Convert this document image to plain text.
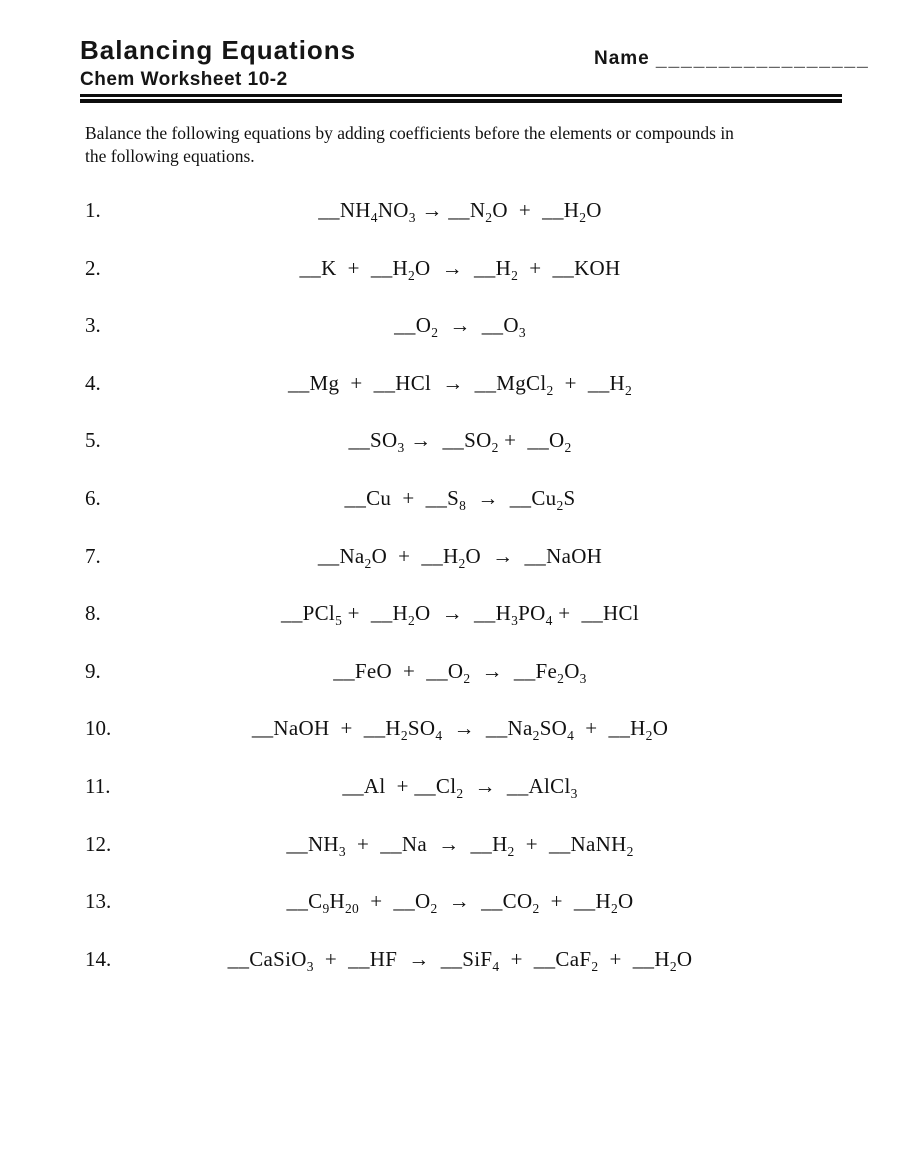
Balancing Equations
Chem Worksheet 10-2
Name _________________
Balance the following equations by adding coefficients before the elements or compounds in the following equations.
1.	$\_\_NH_4NO_3$ → $\_\_N_2O$  +  $\_\_H_2O$
2.	__K  +  $\_\_H_2O$  →  $\_\_H_2$  +  __KOH
3.	$\_\_O_2$  →  $\_\_O_3$
4.	__Mg  +  __HCl  →  __MgCl$_2$  +  $\_\_H_2$
5.	$\_\_SO_3$ →  $\_\_SO_2$ +  $\_\_O_2$
6.	__Cu  +  $\_\_S_8$  →  $\_\_Cu_2S$
7.	$\_\_Na_2O$  +  $\_\_H_2O$  →  __NaOH
8.	__PCl$_5$ +  $\_\_H_2O$  →  $\_\_H_3PO_4$ +  __HCl
9.	__FeO  +  $\_\_O_2$  →  $\_\_Fe_2O_3$
10.	__NaOH  +  $\_\_H_2SO_4$  →  $\_\_Na_2SO_4$  +  $\_\_H_2O$
11.	__Al  + $\_\_Cl_2$  →  __AlCl$_3$
12.	$\_\_NH_3$  +  __Na  →  $\_\_H_2$  +  __NaNH$_2$
13.	$\_\_C_9H_{20}$  +  $\_\_O_2$  →  $\_\_CO_2$  +  $\_\_H_2O$
14.	__CaSiO$_3$  +  __HF  →  __SiF$_4$  +  __CaF$_2$  +  $\_\_H_2O$
